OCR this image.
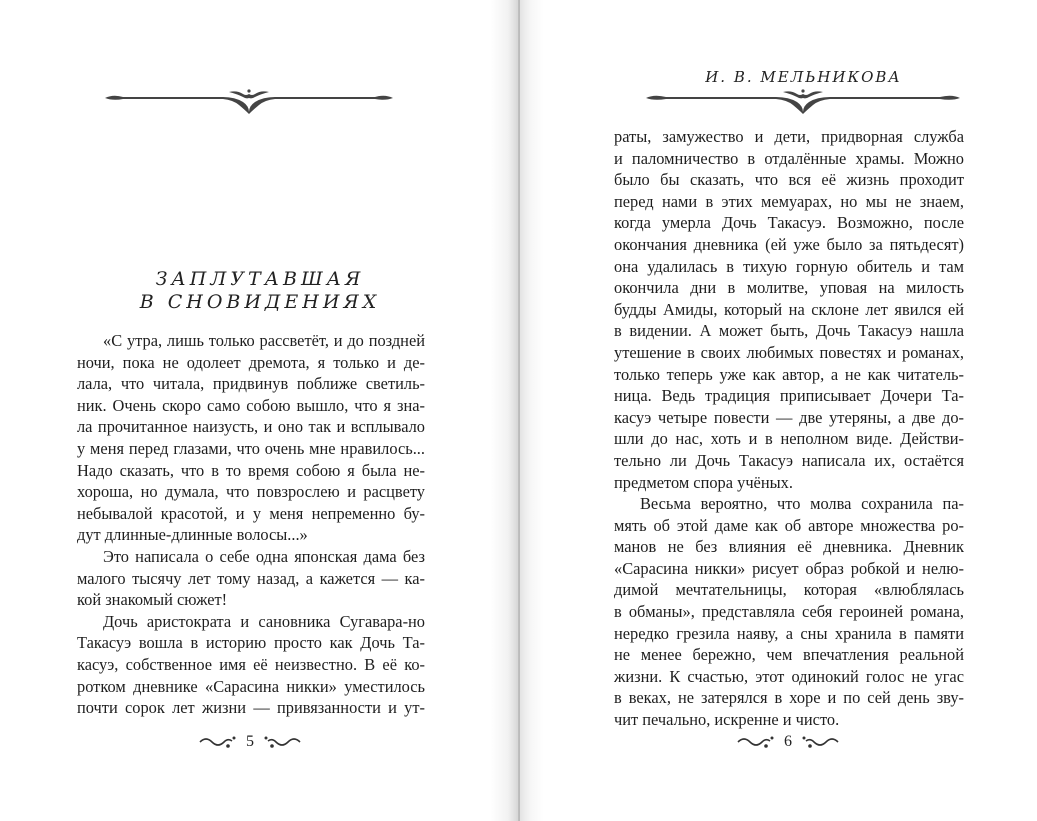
И. В. МЕЛЬНИКОВА
ЗАПЛУТАВШАЯ
В СНОВИДЕНИЯХ
«С утра, лишь только рассветёт, и до поздней
ночи, пока не одолеет дремота, я только и де-
лала, что читала, придвинув поближе светиль-
ник. Очень скоро само собою вышло, что я зна-
ла прочитанное наизусть, и оно так и всплывало
у меня перед глазами, что очень мне нравилось...
Надо сказать, что в то время собою я была не-
хороша, но думала, что повзрослею и расцвету
небывалой красотой, и у меня непременно бу-
дут длинные-длинные волосы...»
Это написала о себе одна японская дама без
малого тысячу лет тому назад, а кажется — ка-
кой знакомый сюжет!
Дочь аристократа и сановника Сугавара-но
Такасуэ вошла в историю просто как Дочь Та-
касуэ, собственное имя её неизвестно. В её ко-
ротком дневнике «Сарасина никки» уместилось
почти сорок лет жизни — привязанности и ут-
раты, замужество и дети, придворная служба
и паломничество в отдалённые храмы. Можно
было бы сказать, что вся её жизнь проходит
перед нами в этих мемуарах, но мы не знаем,
когда умерла Дочь Такасуэ. Возможно, после
окончания дневника (ей уже было за пятьдесят)
она удалилась в тихую горную обитель и там
окончила дни в молитве, уповая на милость
будды Амиды, который на склоне лет явился ей
в видении. А может быть, Дочь Такасуэ нашла
утешение в своих любимых повестях и романах,
только теперь уже как автор, а не как читатель-
ница. Ведь традиция приписывает Дочери Та-
касуэ четыре повести — две утеряны, а две до-
шли до нас, хоть и в неполном виде. Действи-
тельно ли Дочь Такасуэ написала их, остаётся
предметом спора учёных.
Весьма вероятно, что молва сохранила па-
мять об этой даме как об авторе множества ро-
манов не без влияния её дневника. Дневник
«Сарасина никки» рисует образ робкой и нелю-
димой мечтательницы, которая «влюблялась
в обманы», представляла себя героиней романа,
нередко грезила наяву, а сны хранила в памяти
не менее бережно, чем впечатления реальной
жизни. К счастью, этот одинокий голос не угас
в веках, не затерялся в хоре и по сей день зву-
чит печально, искренне и чисто.
5	6
